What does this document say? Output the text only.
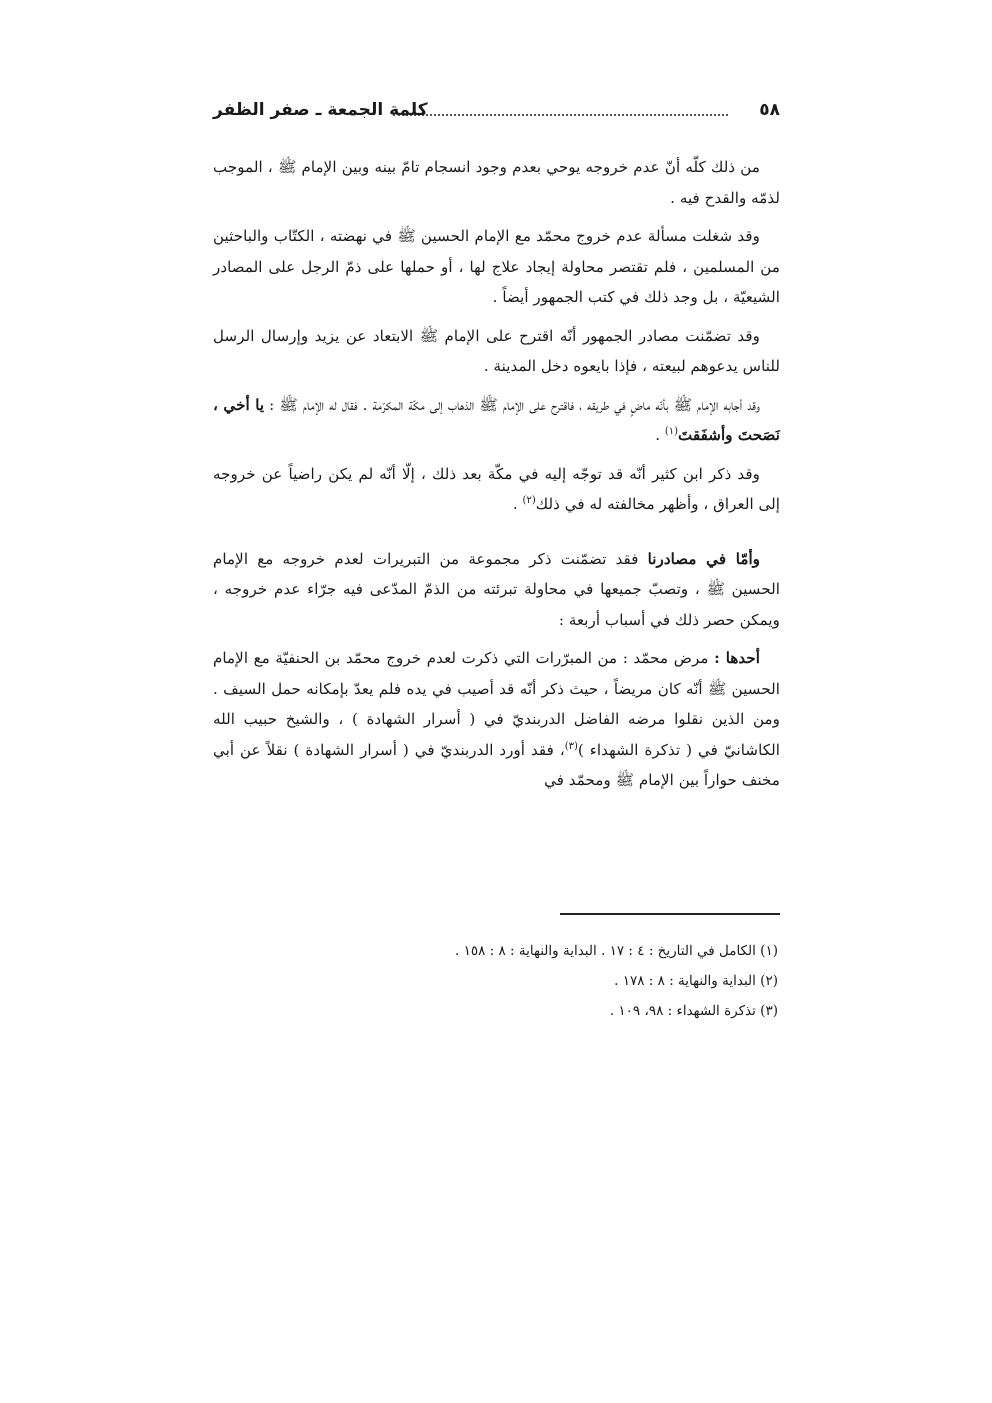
٥٨
كلمة الجمعة ـ صفر الظفر

من ذلك كلّه أنّ عدم خروجه يوحي بعدم وجود انسجام تامّ بينه وبين الإمام ﷺ ، الموجب لذمّه والقدح فيه .

وقد شغلت مسألة عدم خروج محمّد مع الإمام الحسين ﷺ في نهضته ، الكتّاب والباحثين من المسلمين ، فلم تقتصر محاولة إيجاد علاج لها ، أو حملها على ذمّ الرجل على المصادر الشيعيّة ، بل وجد ذلك في كتب الجمهور أيضاً .

وقد تضمّنت مصادر الجمهور أنّه اقترح على الإمام ﷺ الابتعاد عن يزيد وإرسال الرسل للناس يدعوهم لبيعته ، فإذا بايعوه دخل المدينة .

وقد أجابه الإمام ﷺ بأنّه ماضٍ في طريقه ، فاقترح على الإمام ﷺ الذهاب إلى مكّة المكرّمة . فقال له الإمام ﷺ : يا أخي ، نَصَحتَ وأشفَقتَ$^{(١)}$ .

وقد ذكر ابن كثير أنّه قد توجّه إليه في مكّة بعد ذلك ، إلّا أنّه لم يكن راضياً عن خروجه إلى العراق ، وأظهر مخالفته له في ذلك$^{(٢)}$ .

وأمّا في مصادرنا فقد تضمّنت ذكر مجموعة من التبريرات لعدم خروجه مع الإمام الحسين ﷺ ، وتصبّ جميعها في محاولة تبرئته من الذمّ المدّعى فيه جرّاء عدم خروجه ، ويمكن حصر ذلك في أسباب أربعة :

أحدها : مرض محمّد : من المبرّرات التي ذكرت لعدم خروج محمّد بن الحنفيّة مع الإمام الحسين ﷺ أنّه كان مريضاً ، حيث ذكر أنّه قد أصيب في يده فلم يعدّ بإمكانه حمل السيف . ومن الذين نقلوا مرضه الفاضل الدربنديّ في ( أسرار الشهادة ) ، والشيخ حبيب الله الكاشانيّ في ( تذكرة الشهداء )$^{(٣)}$، فقد أورد الدربنديّ في ( أسرار الشهادة ) نقلاً عن أبي مخنف حواراً بين الإمام ﷺ ومحمّد في

(١) الكامل في التاريخ : ٤ : ١٧ . البداية والنهاية : ٨ : ١٥٨ .
(٢) البداية والنهاية : ٨ : ١٧٨ .
(٣) تذكرة الشهداء : ٩٨، ١٠٩ .
